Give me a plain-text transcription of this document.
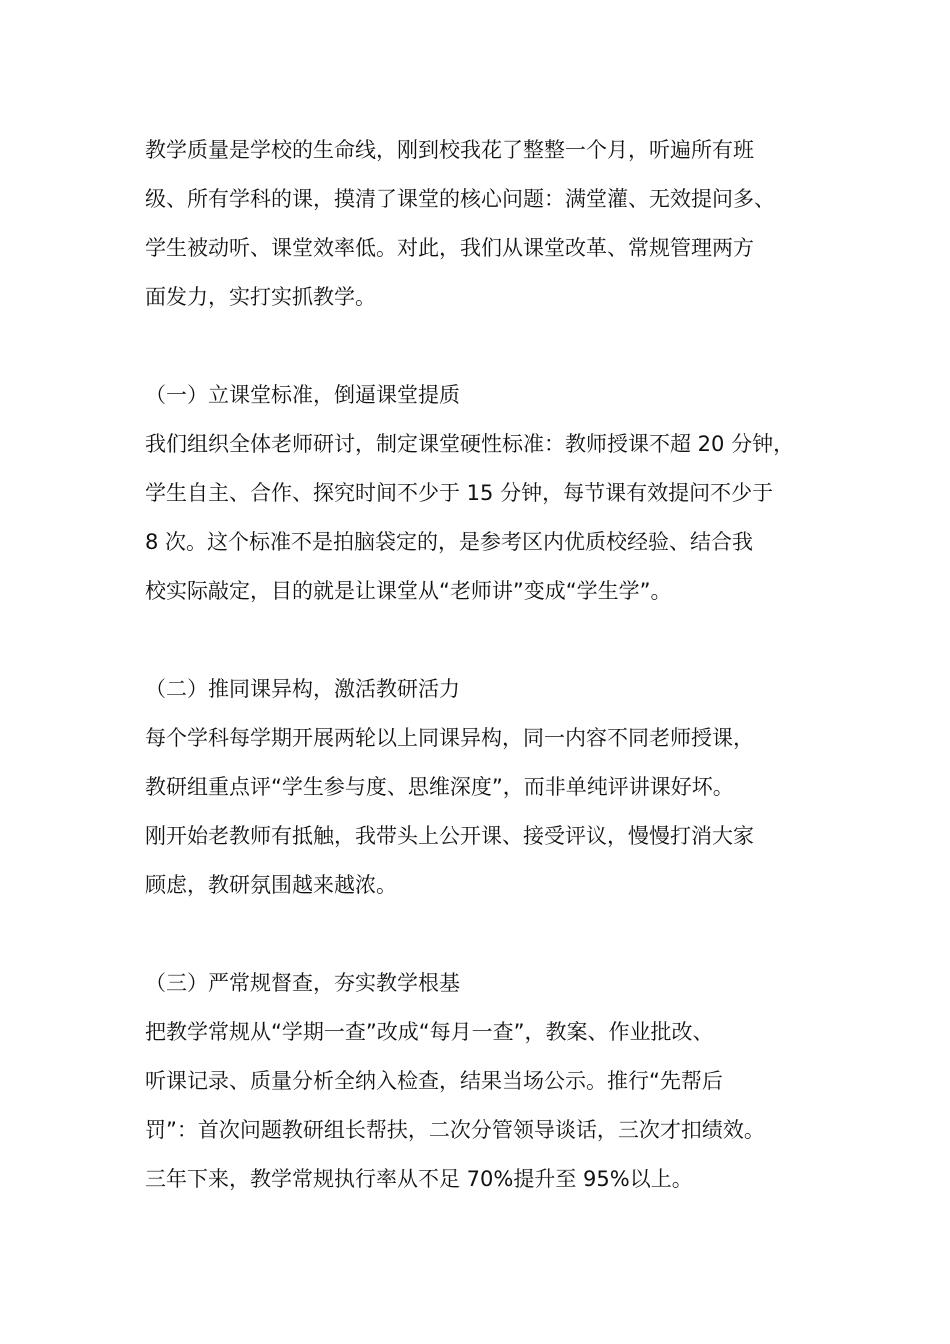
教学质量是学校的生命线，刚到校我花了整整一个月，听遍所有班
级、所有学科的课，摸清了课堂的核心问题：满堂灌、无效提问多、
学生被动听、课堂效率低。对此，我们从课堂改革、常规管理两方
面发力，实打实抓教学。

（一）立课堂标准，倒逼课堂提质

我们组织全体老师研讨，制定课堂硬性标准：教师授课不超 20 分钟，
学生自主、合作、探究时间不少于 15 分钟，每节课有效提问不少于
8 次。这个标准不是拍脑袋定的，是参考区内优质校经验、结合我
校实际敲定，目的就是让课堂从“老师讲”变成“学生学”。

（二）推同课异构，激活教研活力

每个学科每学期开展两轮以上同课异构，同一内容不同老师授课，
教研组重点评“学生参与度、思维深度”，而非单纯评讲课好坏。
刚开始老教师有抵触，我带头上公开课、接受评议，慢慢打消大家
顾虑，教研氛围越来越浓。

（三）严常规督查，夯实教学根基

把教学常规从“学期一查”改成“每月一查”，教案、作业批改、
听课记录、质量分析全纳入检查，结果当场公示。推行“先帮后
罚”：首次问题教研组长帮扶，二次分管领导谈话，三次才扣绩效。
三年下来，教学常规执行率从不足 70%提升至 95%以上。
